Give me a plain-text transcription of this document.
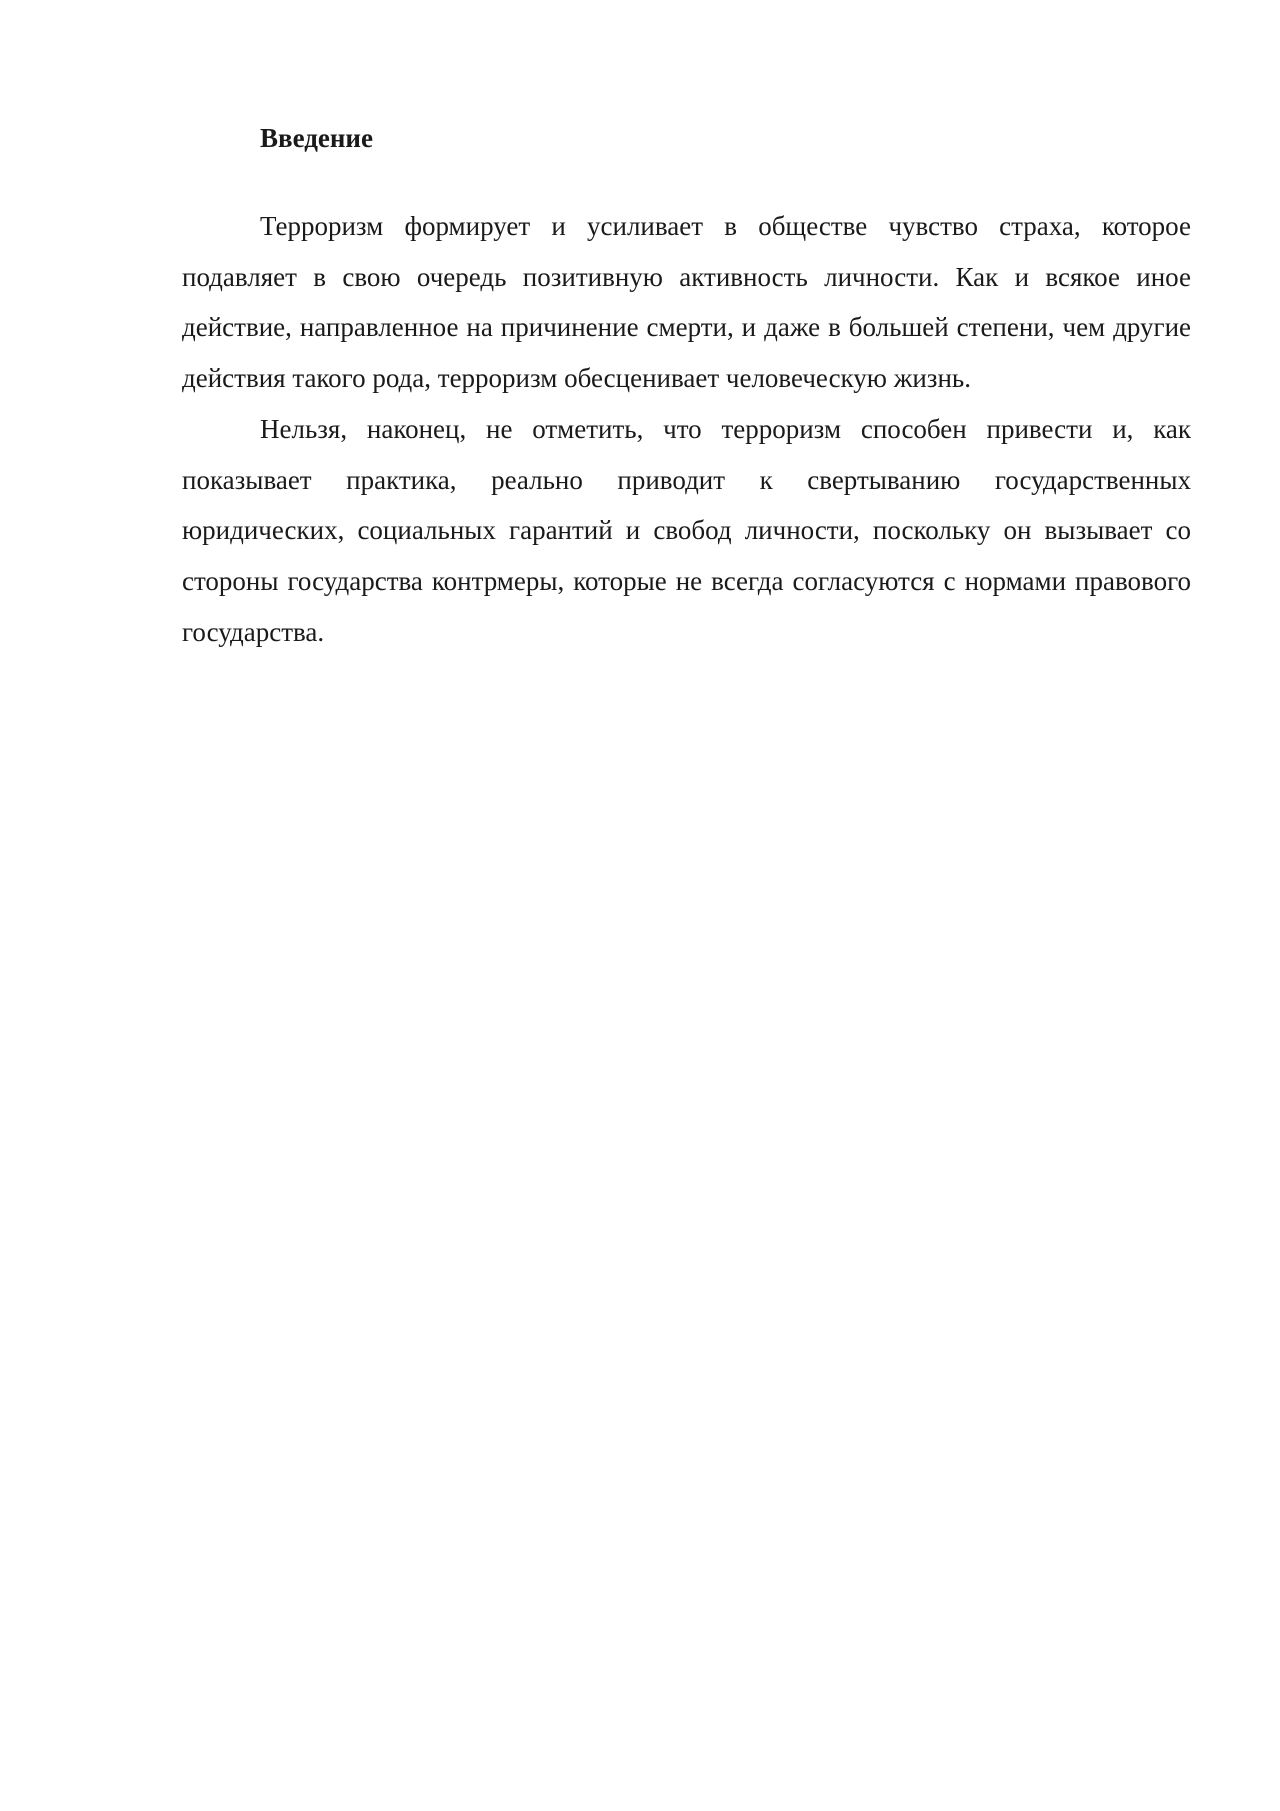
Введение

Терроризм формирует и усиливает в обществе чувство страха, которое подавляет в свою очередь позитивную активность личности. Как и всякое иное действие, направленное на причинение смерти, и даже в большей степени, чем другие действия такого рода, терроризм обесценивает человеческую жизнь.

Нельзя, наконец, не отметить, что терроризм способен привести и, как показывает практика, реально приводит к свертыванию государственных юридических, социальных гарантий и свобод личности, поскольку он вызывает со стороны государства контрмеры, которые не всегда согласуются с нормами правового государства.
